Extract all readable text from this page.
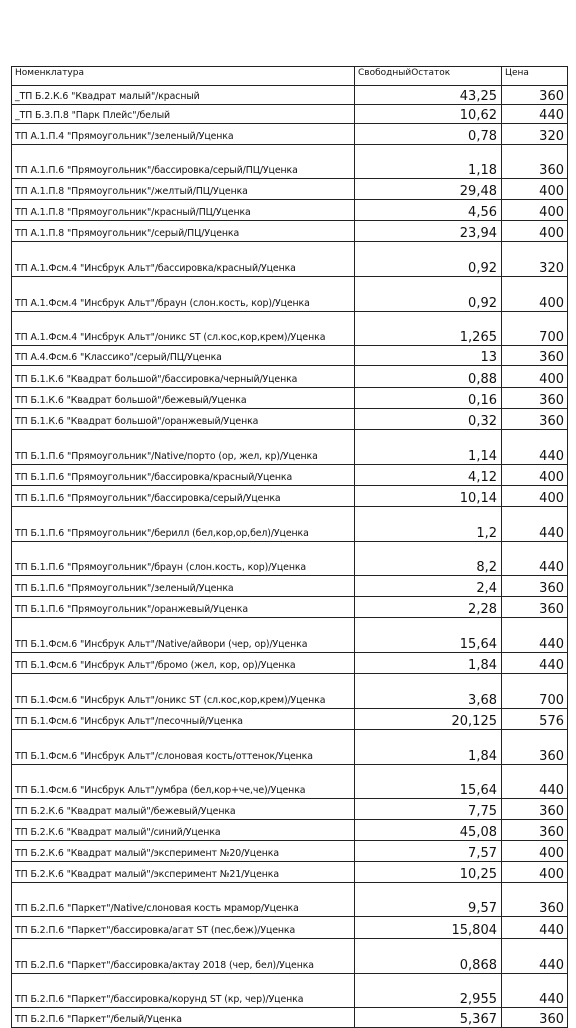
Номенклатура	СвободныйОстаток	Цена
_ТП Б.2.К.6 "Квадрат малый"/красный	43,25	360
_ТП Б.3.П.8 "Парк Плейс"/белый	10,62	440
ТП А.1.П.4 "Прямоугольник"/зеленый/Уценка	0,78	320
ТП А.1.П.6 "Прямоугольник"/бассировка/серый/ПЦ/Уценка	1,18	360
ТП А.1.П.8 "Прямоугольник"/желтый/ПЦ/Уценка	29,48	400
ТП А.1.П.8 "Прямоугольник"/красный/ПЦ/Уценка	4,56	400
ТП А.1.П.8 "Прямоугольник"/серый/ПЦ/Уценка	23,94	400
ТП А.1.Фсм.4 "Инсбрук Альт"/бассировка/красный/Уценка	0,92	320
ТП А.1.Фсм.4 "Инсбрук Альт"/браун (слон.кость, кор)/Уценка	0,92	400
ТП А.1.Фсм.4 "Инсбрук Альт"/оникс ST (сл.кос,кор,крем)/Уценка	1,265	700
ТП А.4.Фсм.6 "Классико"/серый/ПЦ/Уценка	13	360
ТП Б.1.К.6 "Квадрат большой"/бассировка/черный/Уценка	0,88	400
ТП Б.1.К.6 "Квадрат большой"/бежевый/Уценка	0,16	360
ТП Б.1.К.6 "Квадрат большой"/оранжевый/Уценка	0,32	360
ТП Б.1.П.6 "Прямоугольник"/Native/порто (ор, жел, кр)/Уценка	1,14	440
ТП Б.1.П.6 "Прямоугольник"/бассировка/красный/Уценка	4,12	400
ТП Б.1.П.6 "Прямоугольник"/бассировка/серый/Уценка	10,14	400
ТП Б.1.П.6 "Прямоугольник"/берилл (бел,кор,ор,бел)/Уценка	1,2	440
ТП Б.1.П.6 "Прямоугольник"/браун (слон.кость, кор)/Уценка	8,2	440
ТП Б.1.П.6 "Прямоугольник"/зеленый/Уценка	2,4	360
ТП Б.1.П.6 "Прямоугольник"/оранжевый/Уценка	2,28	360
ТП Б.1.Фсм.6 "Инсбрук Альт"/Native/айвори (чер, ор)/Уценка	15,64	440
ТП Б.1.Фсм.6 "Инсбрук Альт"/бромо (жел, кор, ор)/Уценка	1,84	440
ТП Б.1.Фсм.6 "Инсбрук Альт"/оникс ST (сл.кос,кор,крем)/Уценка	3,68	700
ТП Б.1.Фсм.6 "Инсбрук Альт"/песочный/Уценка	20,125	576
ТП Б.1.Фсм.6 "Инсбрук Альт"/слоновая кость/оттенок/Уценка	1,84	360
ТП Б.1.Фсм.6 "Инсбрук Альт"/умбра (бел,кор+че,че)/Уценка	15,64	440
ТП Б.2.К.6 "Квадрат малый"/бежевый/Уценка	7,75	360
ТП Б.2.К.6 "Квадрат малый"/синий/Уценка	45,08	360
ТП Б.2.К.6 "Квадрат малый"/эксперимент №20/Уценка	7,57	400
ТП Б.2.К.6 "Квадрат малый"/эксперимент №21/Уценка	10,25	400
ТП Б.2.П.6 "Паркет"/Native/слоновая кость мрамор/Уценка	9,57	360
ТП Б.2.П.6 "Паркет"/бассировка/агат ST (пес,беж)/Уценка	15,804	440
ТП Б.2.П.6 "Паркет"/бассировка/актау 2018 (чер, бел)/Уценка	0,868	440
ТП Б.2.П.6 "Паркет"/бассировка/корунд ST (кр, чер)/Уценка	2,955	440
ТП Б.2.П.6 "Паркет"/белый/Уценка	5,367	360
